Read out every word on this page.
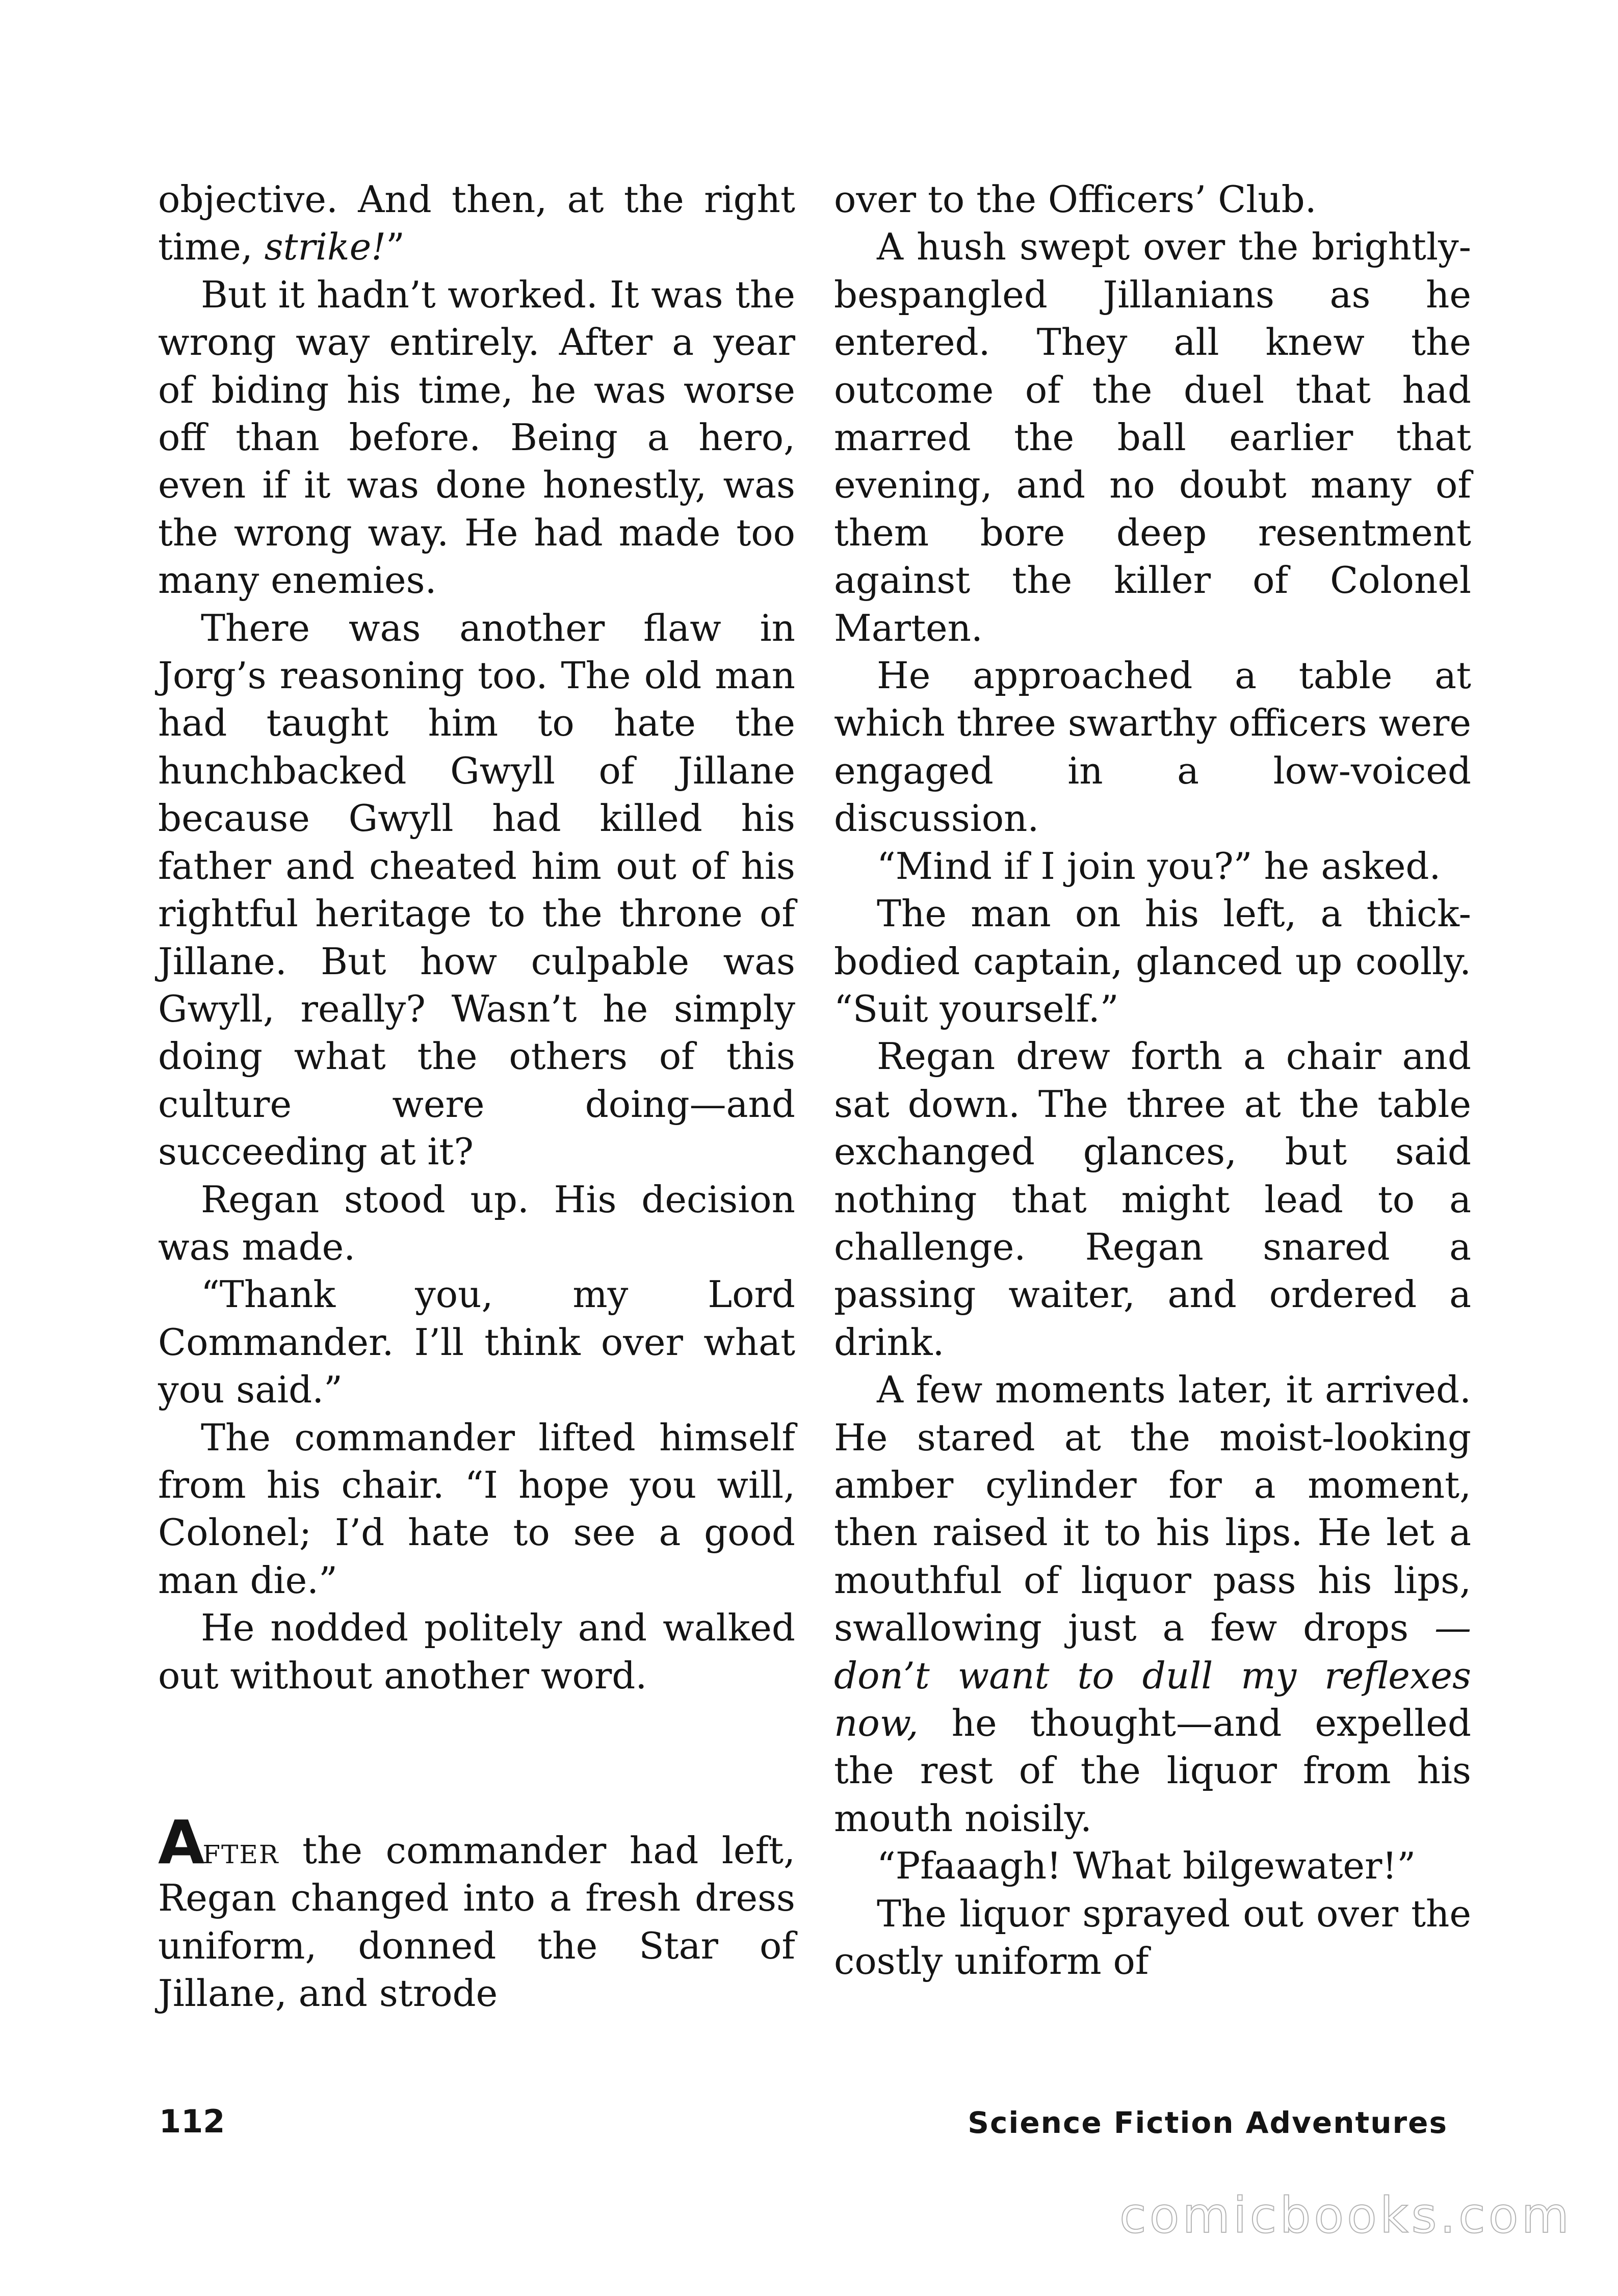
objective. And then, at the right time, strike!”

But it hadn’t worked. It was the wrong way entirely. After a year of biding his time, he was worse off than before. Being a hero, even if it was done honestly, was the wrong way. He had made too many enemies.

There was another flaw in Jorg’s reasoning too. The old man had taught him to hate the hunchbacked Gwyll of Jillane because Gwyll had killed his father and cheated him out of his rightful heritage to the throne of Jillane. But how culpable was Gwyll, really? Wasn’t he simply doing what the others of this culture were doing—and succeeding at it?

Regan stood up. His decision was made.

“Thank you, my Lord Commander. I’ll think over what you said.”

The commander lifted himself from his chair. “I hope you will, Colonel; I’d hate to see a good man die.”

He nodded politely and walked out without another word.

After the commander had left, Regan changed into a fresh dress uniform, donned the Star of Jillane, and strode

over to the Officers’ Club.

A hush swept over the brightly-bespangled Jillanians as he entered. They all knew the outcome of the duel that had marred the ball earlier that evening, and no doubt many of them bore deep resentment against the killer of Colonel Marten.

He approached a table at which three swarthy officers were engaged in a low-voiced discussion.

“Mind if I join you?” he asked.

The man on his left, a thick-bodied captain, glanced up coolly. “Suit yourself.”

Regan drew forth a chair and sat down. The three at the table exchanged glances, but said nothing that might lead to a challenge. Regan snared a passing waiter, and ordered a drink.

A few moments later, it arrived. He stared at the moist-looking amber cylinder for a moment, then raised it to his lips. He let a mouthful of liquor pass his lips, swallowing just a few drops —don’t want to dull my reflexes now, he thought—and expelled the rest of the liquor from his mouth noisily.

“Pfaaagh! What bilgewater!”

The liquor sprayed out over the costly uniform of

112	Science Fiction Adventures
comicbooks.com
